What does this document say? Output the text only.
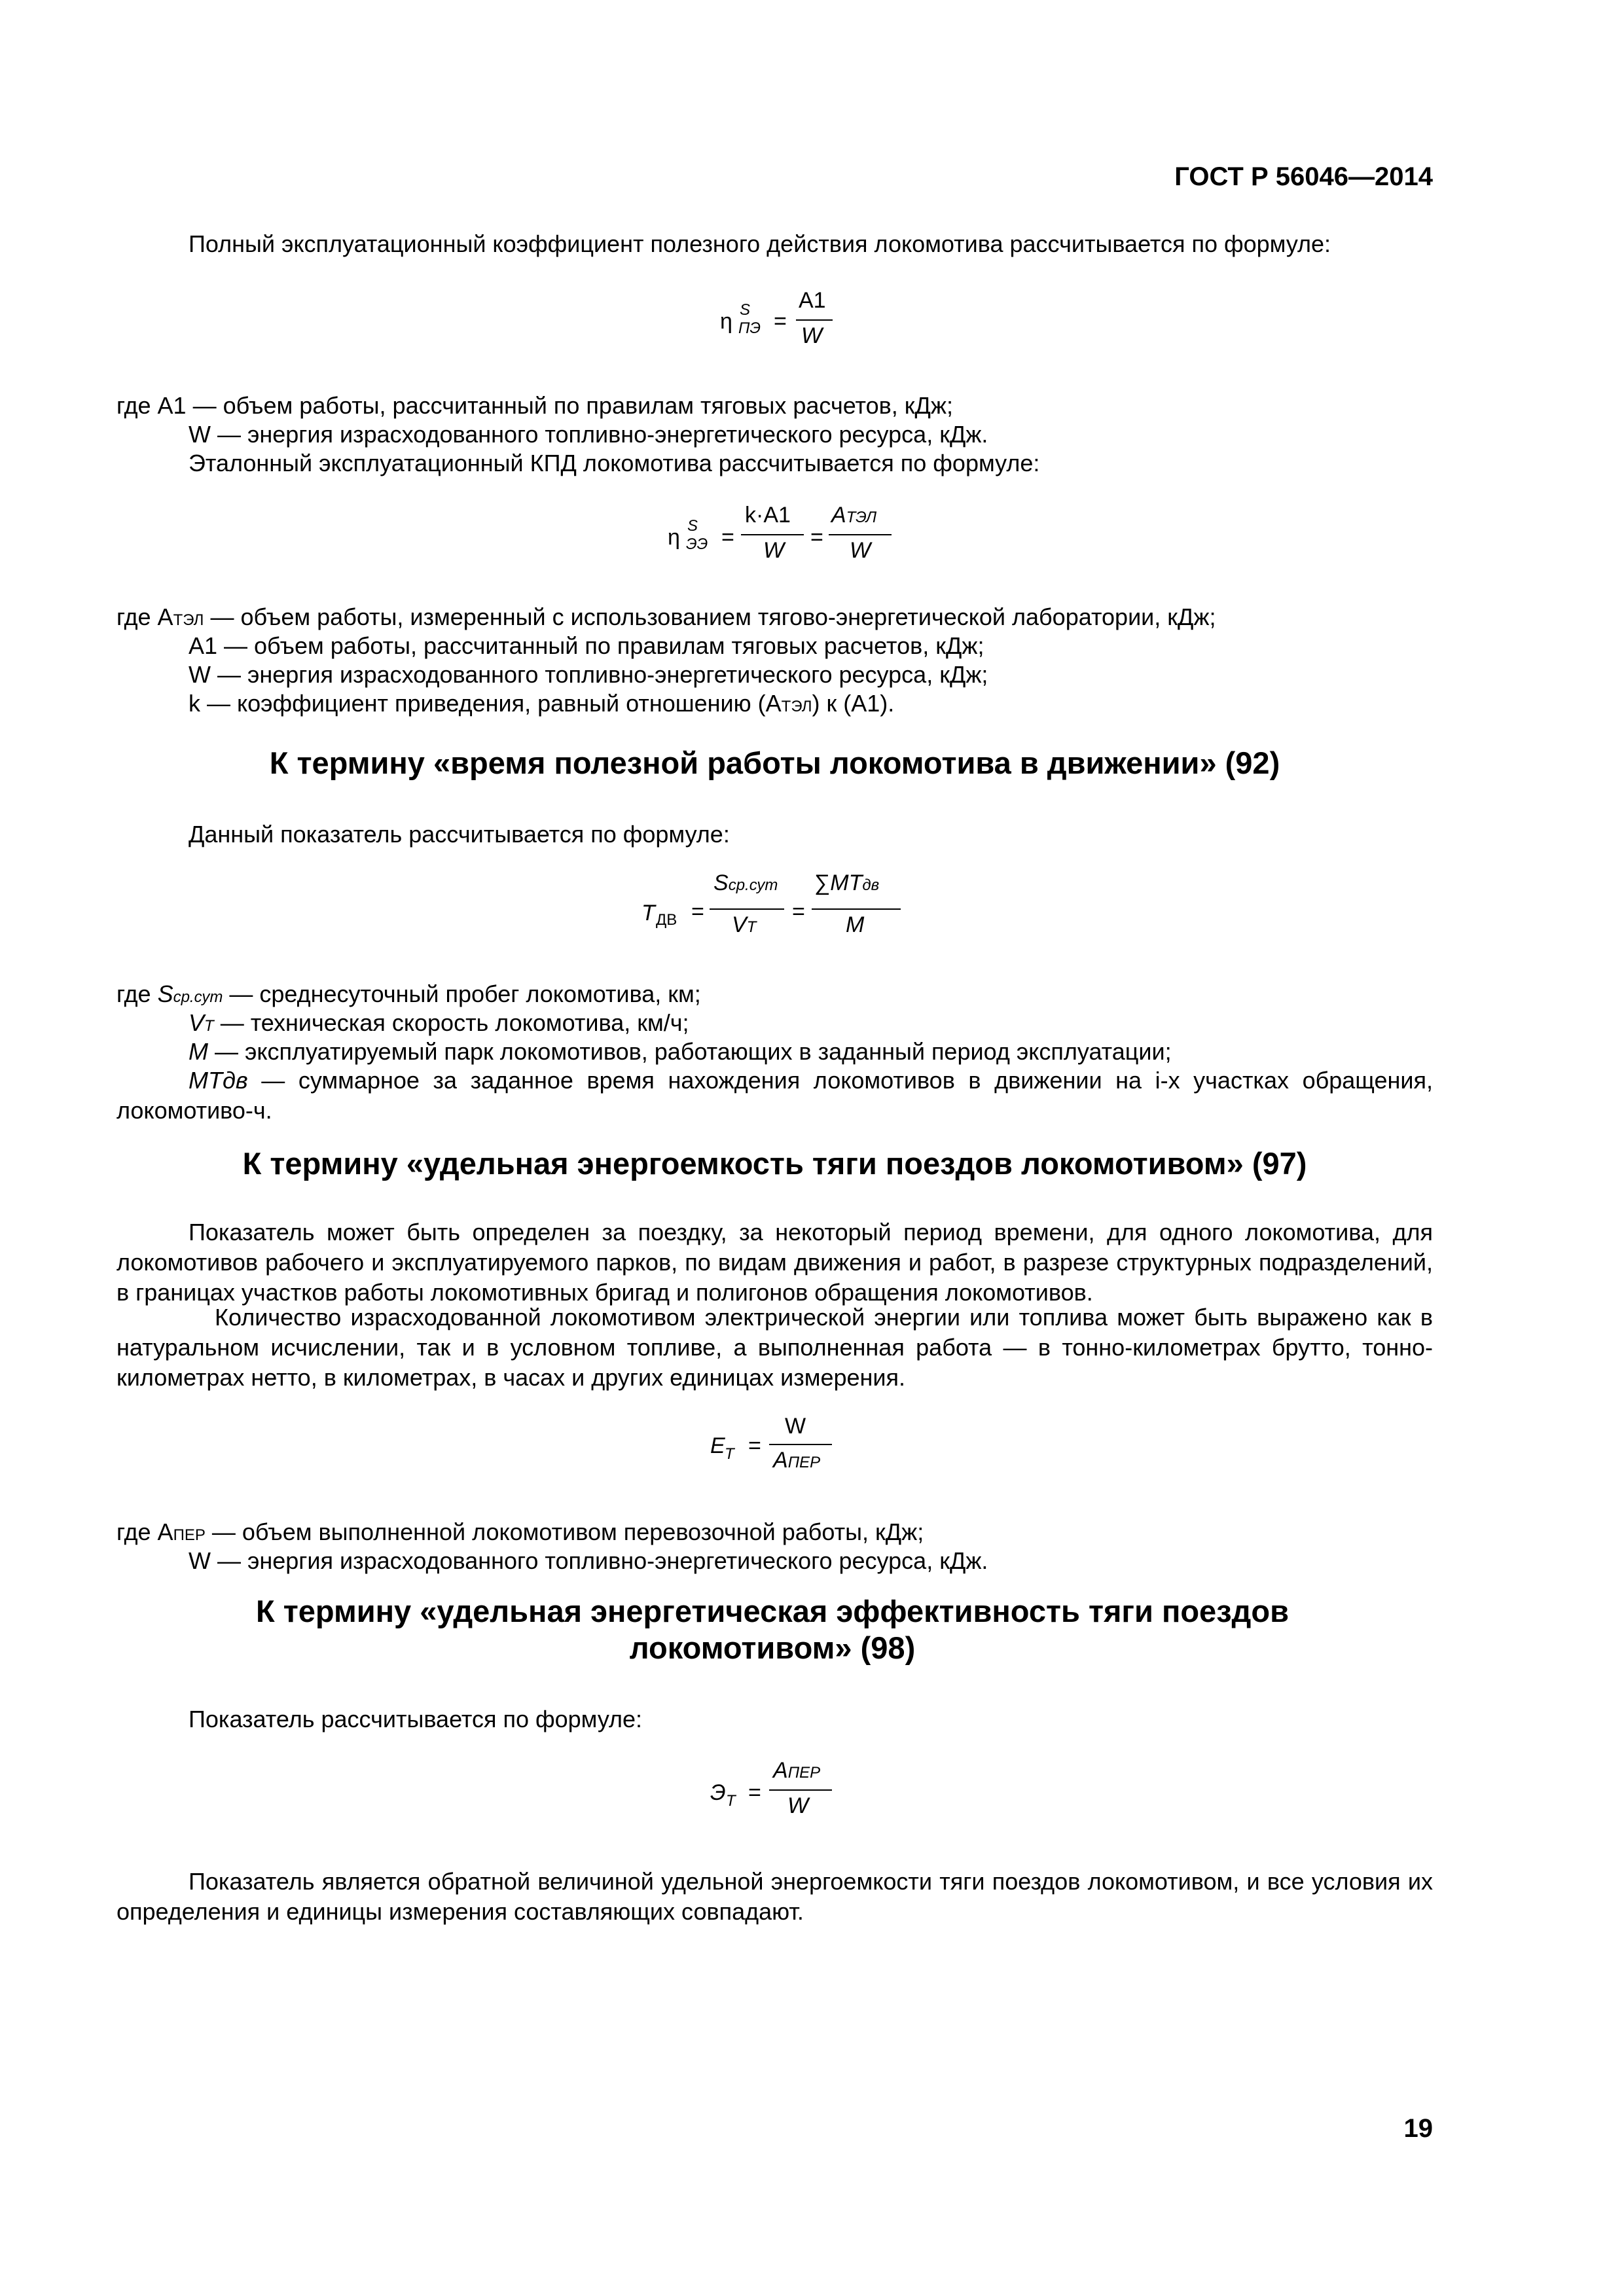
ГОСТ Р 56046—2014
Полный эксплуатационный коэффициент полезного действия локомотива рассчитывается по формуле:
η S
ПЭ =
A1
W
где A1 — объем работы, рассчитанный по правилам тяговых расчетов, кДж;
W — энергия израсходованного топливно-энергетического ресурса, кДж.
Эталонный эксплуатационный КПД локомотива рассчитывается по формуле:
η S
ЭЭ =
k·A1
W
=
AТЭЛ
W
где AТЭЛ — объем работы, измеренный с использованием тягово-энергетической лаборатории, кДж;
A1 — объем работы, рассчитанный по правилам тяговых расчетов, кДж;
W — энергия израсходованного топливно-энергетического ресурса, кДж;
k — коэффициент приведения, равный отношению (AТЭЛ) к (A1).
К термину «время полезной работы локомотива в движении» (92)
Данный показатель рассчитывается по формуле:
T ДВ =
Sср.сут
VT
=
∑MTдв
M
где Sср.сут — среднесуточный пробег локомотива, км;
VT — техническая скорость локомотива, км/ч;
M — эксплуатируемый парк локомотивов, работающих в заданный период эксплуатации;
MTдв — суммарное за заданное время нахождения локомотивов в движении на i-х участках обращения, локомотиво-ч.
К термину «удельная энергоемкость тяги поездов локомотивом» (97)
Показатель может быть определен за поездку, за некоторый период времени, для одного локомотива, для локомотивов рабочего и эксплуатируемого парков, по видам движения и работ, в разрезе структурных подразделений, в границах участков работы локомотивных бригад и полигонов обращения локомотивов.
Количество израсходованной локомотивом электрической энергии или топлива может быть выражено как в натуральном исчислении, так и в условном топливе, а выполненная работа — в тонно-километрах брутто, тонно-километрах нетто, в километрах, в часах и других единицах измерения.
E T =
W
AПЕР
где AПЕР — объем выполненной локомотивом перевозочной работы, кДж;
W — энергия израсходованного топливно-энергетического ресурса, кДж.
К термину «удельная энергетическая эффективность тяги поездов локомотивом» (98)
Показатель рассчитывается по формуле:
Э T =
AПЕР
W
Показатель является обратной величиной удельной энергоемкости тяги поездов локомотивом, и все условия их определения и единицы измерения составляющих совпадают.
19
